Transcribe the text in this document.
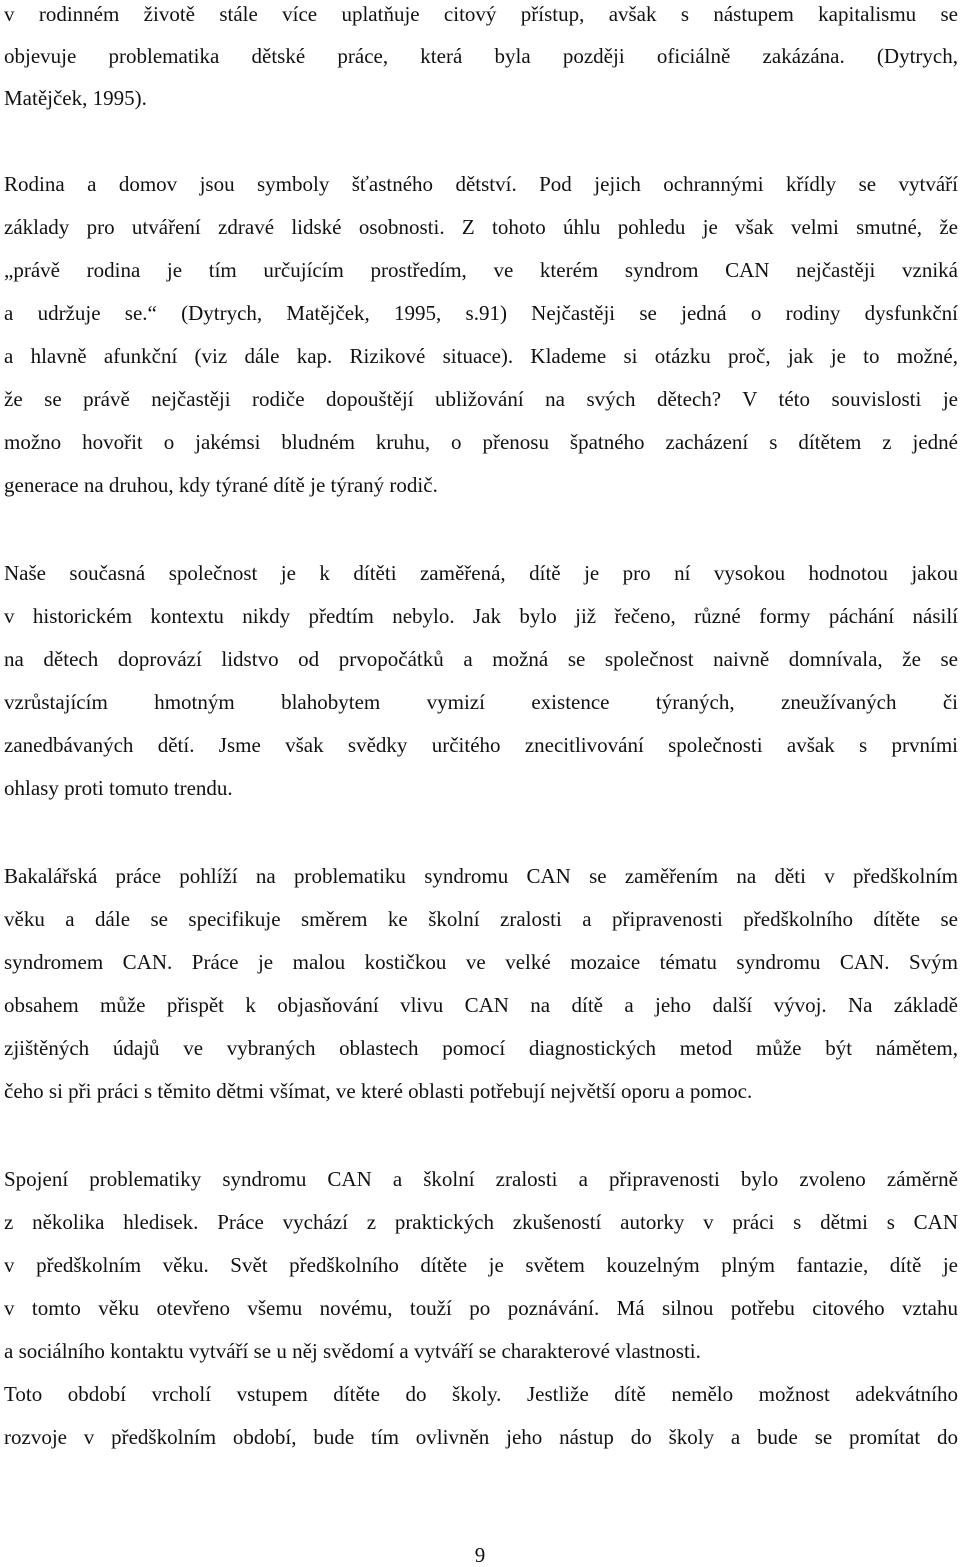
v rodinném životě stále více uplatňuje citový přístup, avšak s nástupem kapitalismu se
objevuje problematika dětské práce, která byla později oficiálně zakázána. (Dytrych,
Matějček, 1995).
Rodina a domov jsou symboly šťastného dětství. Pod jejich ochrannými křídly se vytváří
základy pro utváření zdravé lidské osobnosti. Z tohoto úhlu pohledu je však velmi smutné, že
„právě rodina je tím určujícím prostředím, ve kterém syndrom CAN nejčastěji vzniká
a udržuje se.“ (Dytrych, Matějček, 1995, s.91) Nejčastěji se jedná o rodiny dysfunkční
a hlavně afunkční (viz dále kap. Rizikové situace). Klademe si otázku proč, jak je to možné,
že se právě nejčastěji rodiče dopouštějí ubližování na svých dětech? V této souvislosti je
možno hovořit o jakémsi bludném kruhu, o přenosu špatného zacházení s dítětem z jedné
generace na druhou, kdy týrané dítě je týraný rodič.
Naše současná společnost je k dítěti zaměřená, dítě je pro ní vysokou hodnotou jakou
v historickém kontextu nikdy předtím nebylo. Jak bylo již řečeno, různé formy páchání násilí
na dětech doprovází lidstvo od prvopočátků a možná se společnost naivně domnívala, že se
vzrůstajícím hmotným blahobytem vymizí existence týraných, zneužívaných či
zanedbávaných dětí. Jsme však svědky určitého znecitlivování společnosti avšak s prvními
ohlasy proti tomuto trendu.
Bakalářská práce pohlíží na problematiku syndromu CAN se zaměřením na děti v předškolním
věku a dále se specifikuje směrem ke školní zralosti a připravenosti předškolního dítěte se
syndromem CAN. Práce je malou kostičkou ve velké mozaice tématu syndromu CAN. Svým
obsahem může přispět k objasňování vlivu CAN na dítě a jeho další vývoj. Na základě
zjištěných údajů ve vybraných oblastech pomocí diagnostických metod může být námětem,
čeho si při práci s těmito dětmi všímat, ve které oblasti potřebují největší oporu a pomoc.
Spojení problematiky syndromu CAN a školní zralosti a připravenosti bylo zvoleno záměrně
z několika hledisek. Práce vychází z praktických zkušeností autorky v práci s dětmi s CAN
v předškolním věku. Svět předškolního dítěte je světem kouzelným plným fantazie, dítě je
v tomto věku otevřeno všemu novému, touží po poznávání. Má silnou potřebu citového vztahu
a sociálního kontaktu vytváří se u něj svědomí a vytváří se charakterové vlastnosti.
Toto období vrcholí vstupem dítěte do školy. Jestliže dítě nemělo možnost adekvátního
rozvoje v předškolním období, bude tím ovlivněn jeho nástup do školy a bude se promítat do
9
